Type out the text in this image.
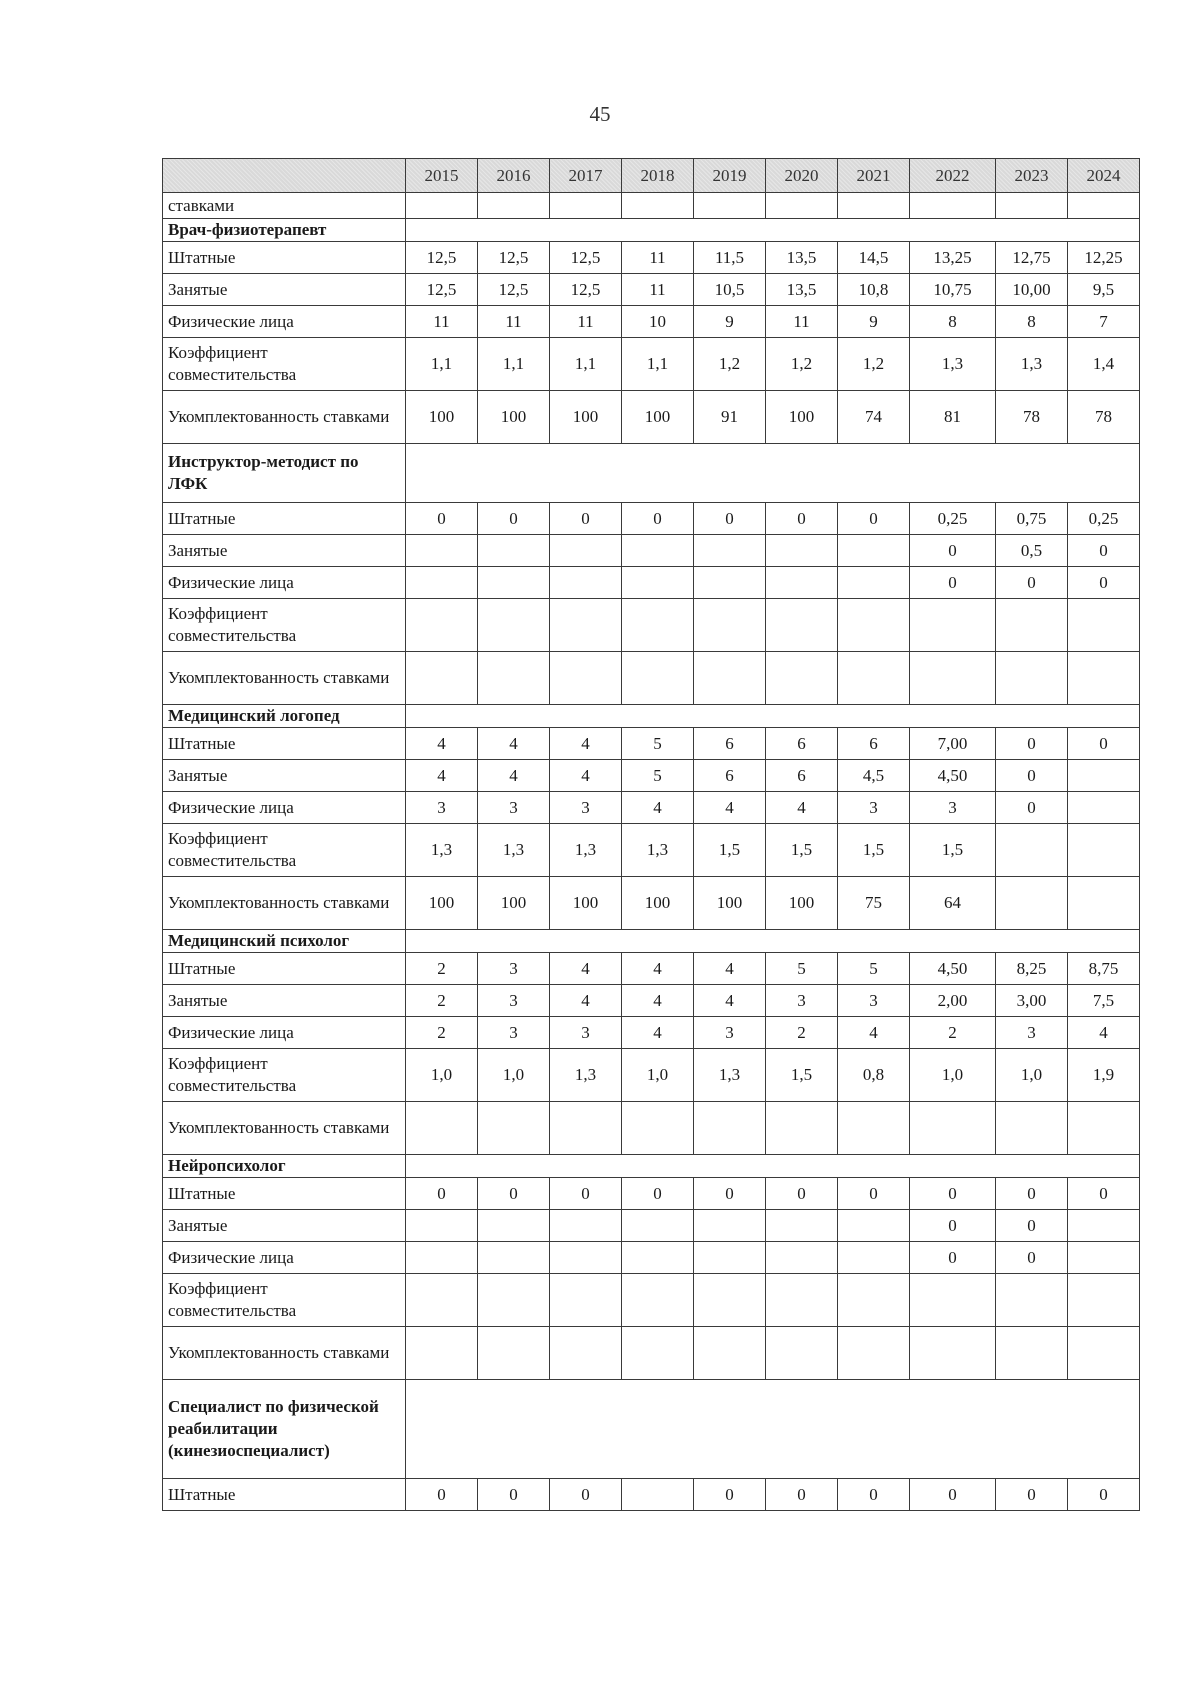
45
	2015	2016	2017	2018	2019	2020	2021	2022	2023	2024
ставками										
Врач-физиотерапевт										
Штатные	12,5	12,5	12,5	11	11,5	13,5	14,5	13,25	12,75	12,25
Занятые	12,5	12,5	12,5	11	10,5	13,5	10,8	10,75	10,00	9,5
Физические лица	11	11	11	10	9	11	9	8	8	7
Коэффициент совместительства	1,1	1,1	1,1	1,1	1,2	1,2	1,2	1,3	1,3	1,4
Укомплектованность ставками	100	100	100	100	91	100	74	81	78	78
Инструктор-методист по ЛФК										
Штатные	0	0	0	0	0	0	0	0,25	0,75	0,25
Занятые								0	0,5	0
Физические лица								0	0	0
Коэффициент совместительства										
Укомплектованность ставками										
Медицинский логопед										
Штатные	4	4	4	5	6	6	6	7,00	0	0
Занятые	4	4	4	5	6	6	4,5	4,50	0	
Физические лица	3	3	3	4	4	4	3	3	0	
Коэффициент совместительства	1,3	1,3	1,3	1,3	1,5	1,5	1,5	1,5		
Укомплектованность ставками	100	100	100	100	100	100	75	64		
Медицинский психолог										
Штатные	2	3	4	4	4	5	5	4,50	8,25	8,75
Занятые	2	3	4	4	4	3	3	2,00	3,00	7,5
Физические лица	2	3	3	4	3	2	4	2	3	4
Коэффициент совместительства	1,0	1,0	1,3	1,0	1,3	1,5	0,8	1,0	1,0	1,9
Укомплектованность ставками										
Нейропсихолог										
Штатные	0	0	0	0	0	0	0	0	0	0
Занятые								0	0	
Физические лица								0	0	
Коэффициент совместительства										
Укомплектованность ставками										
Специалист по физической реабилитации (кинезиоспециалист)										
Штатные	0	0	0		0	0	0	0	0	0
